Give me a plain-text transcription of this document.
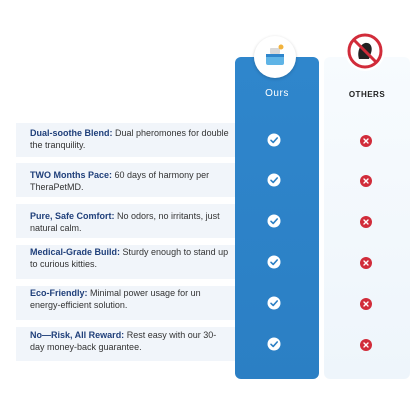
Ours	OTHERS
Dual-soothe Blend: Dual pheromones for double the tranquility.
TWO Months Pace: 60 days of harmony per TheraPetMD.
Pure, Safe Comfort: No odors, no irritants, just natural calm.
Medical-Grade Build: Sturdy enough to stand up to curious kitties.
Eco-Friendly: Minimal power usage for un energy-efficient solution.
No—Risk, All Reward: Rest easy with our 30-day money-back guarantee.
